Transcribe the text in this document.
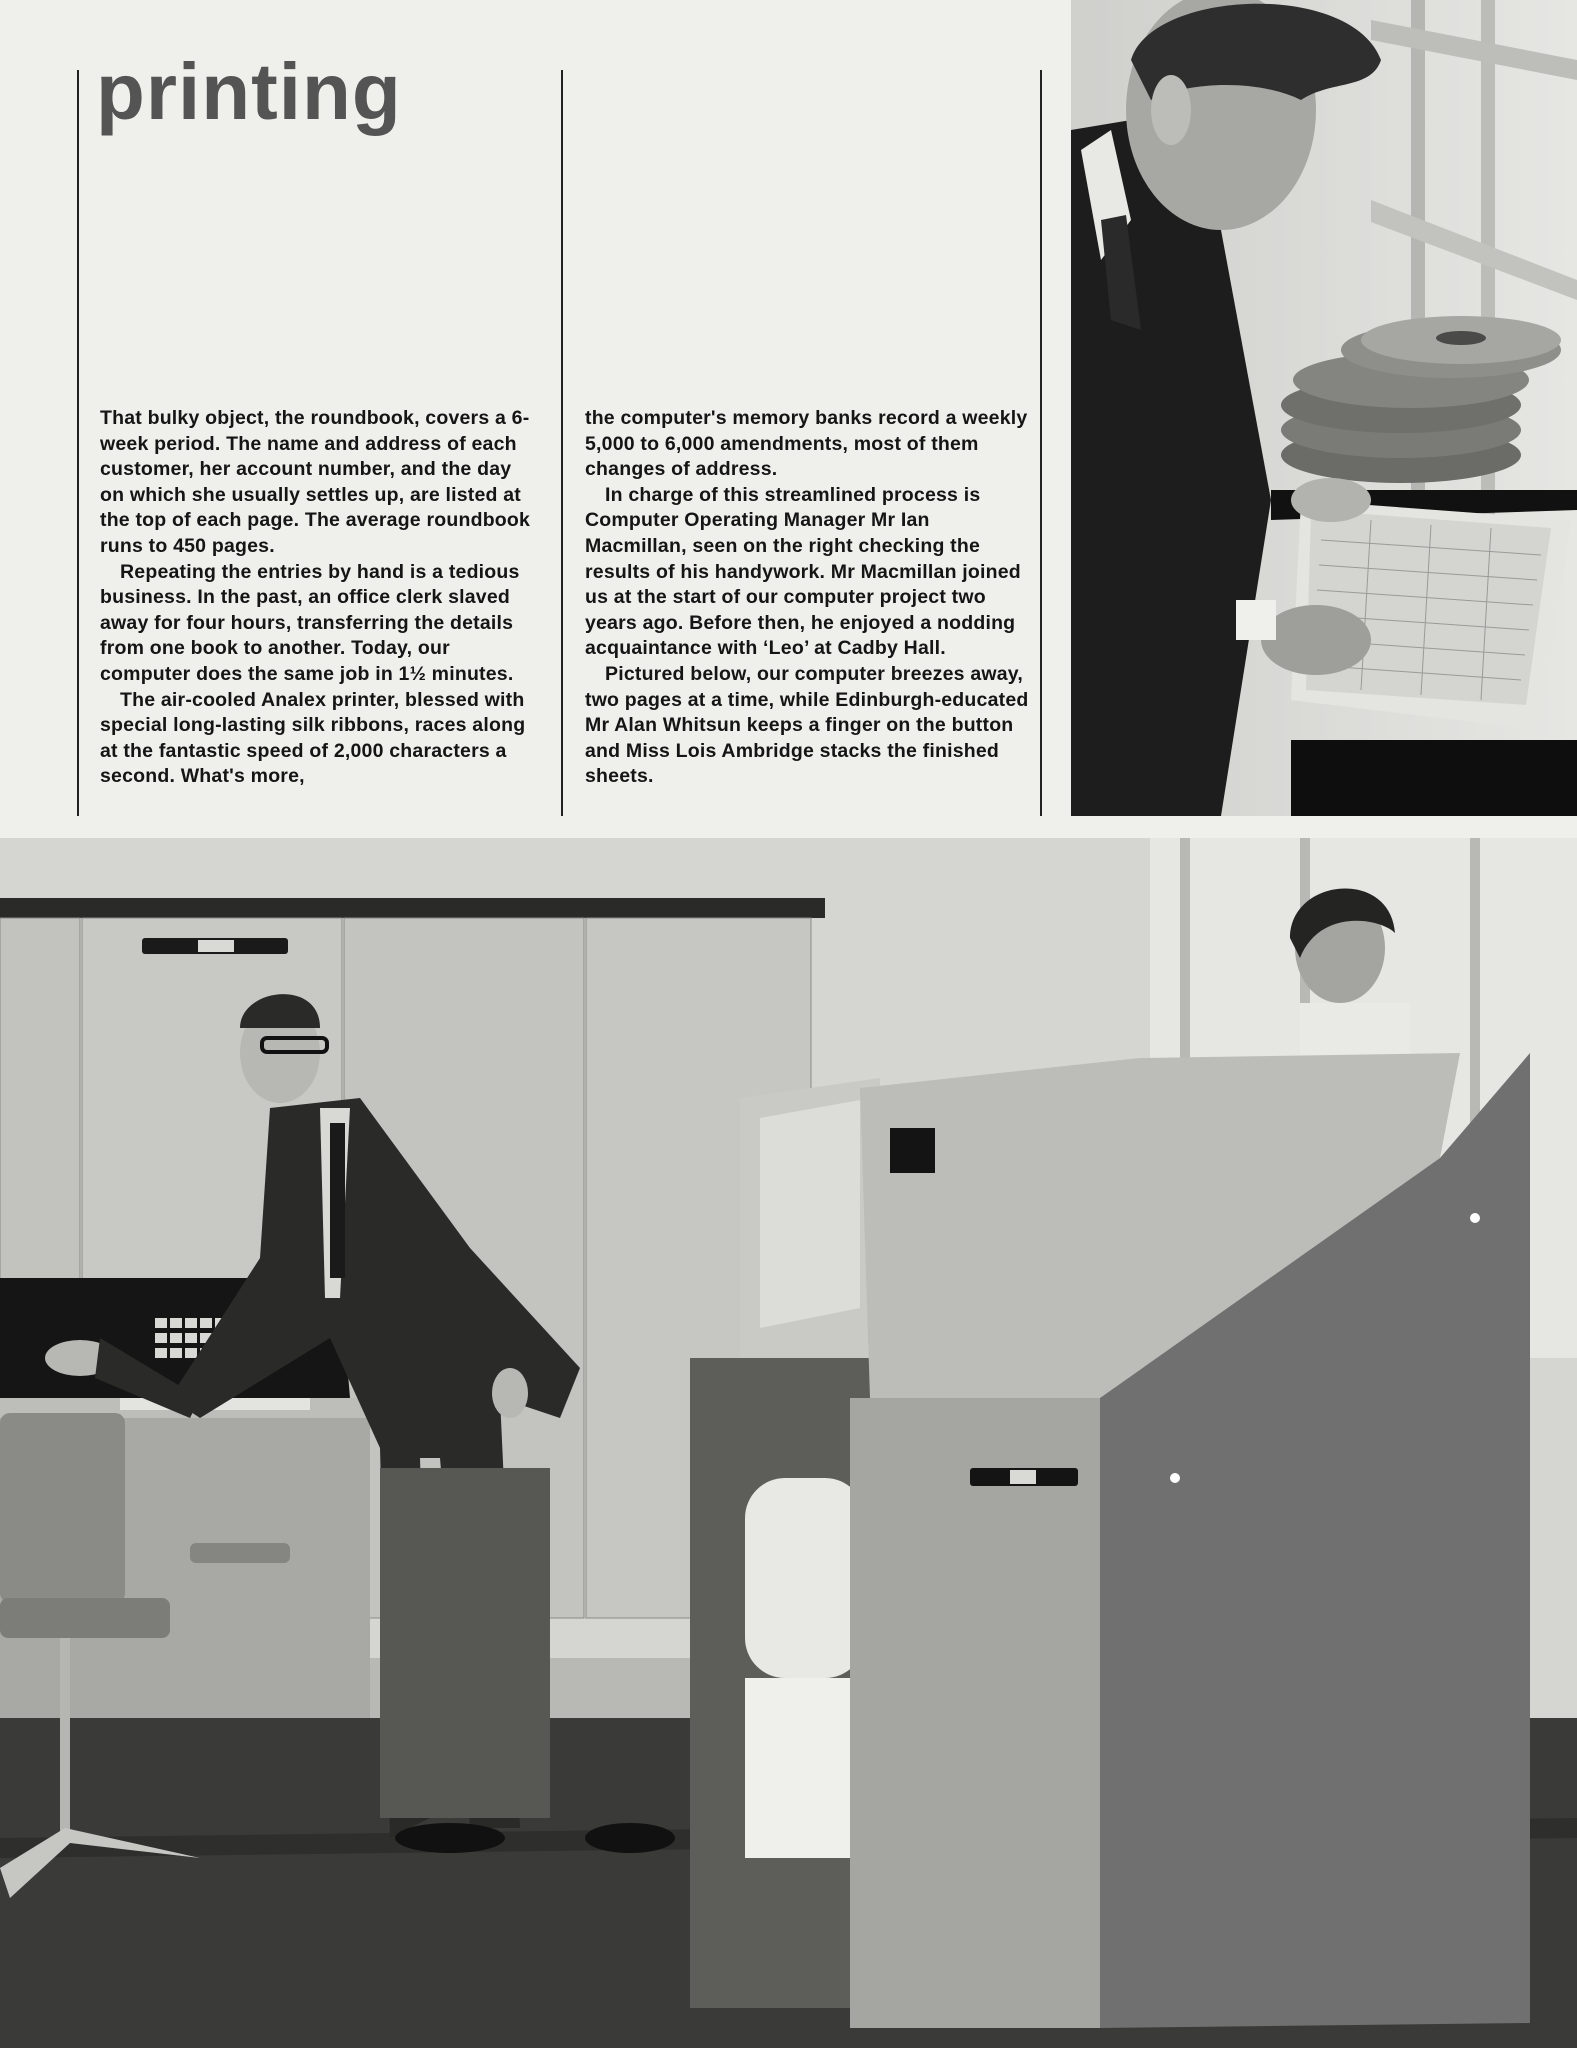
printing

That bulky object, the roundbook, covers a 6-week period. The name and address of each customer, her account number, and the day on which she usually settles up, are listed at the top of each page. The average roundbook runs to 450 pages.

Repeating the entries by hand is a tedious business. In the past, an office clerk slaved away for four hours, transferring the details from one book to another. Today, our computer does the same job in 1½ minutes.

The air-cooled Analex printer, blessed with special long-lasting silk ribbons, races along at the fantastic speed of 2,000 characters a second. What's more,

the computer's memory banks record a weekly 5,000 to 6,000 amendments, most of them changes of address.

In charge of this streamlined process is Computer Operating Manager Mr Ian Macmillan, seen on the right checking the results of his handywork. Mr Macmillan joined us at the start of our computer project two years ago. Before then, he enjoyed a nodding acquaintance with ‘Leo’ at Cadby Hall.

Pictured below, our computer breezes away, two pages at a time, while Edinburgh-educated Mr Alan Whitsun keeps a finger on the button and Miss Lois Ambridge stacks the finished sheets.
